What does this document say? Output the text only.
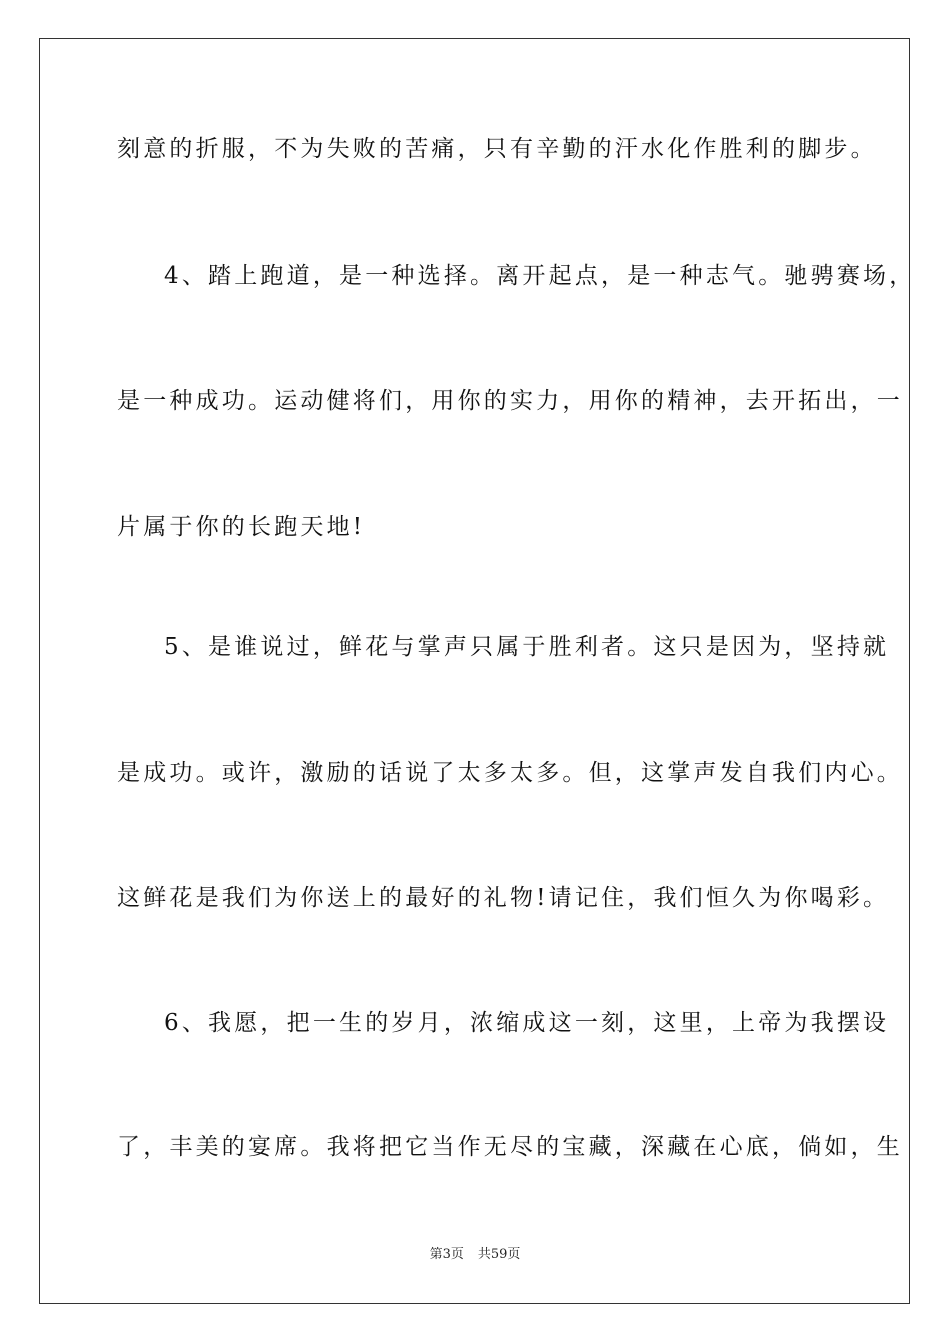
刻意的折服，不为失败的苦痛，只有辛勤的汗水化作胜利的脚步。
4、踏上跑道，是一种选择。离开起点，是一种志气。驰骋赛场，
是一种成功。运动健将们，用你的实力，用你的精神，去开拓出，一
片属于你的长跑天地!
5、是谁说过，鲜花与掌声只属于胜利者。这只是因为，坚持就
是成功。或许，激励的话说了太多太多。但，这掌声发自我们内心。
这鲜花是我们为你送上的最好的礼物!请记住，我们恒久为你喝彩。
6、我愿，把一生的岁月，浓缩成这一刻，这里，上帝为我摆设
了，丰美的宴席。我将把它当作无尽的宝藏，深藏在心底，倘如，生
第3页 共59页
